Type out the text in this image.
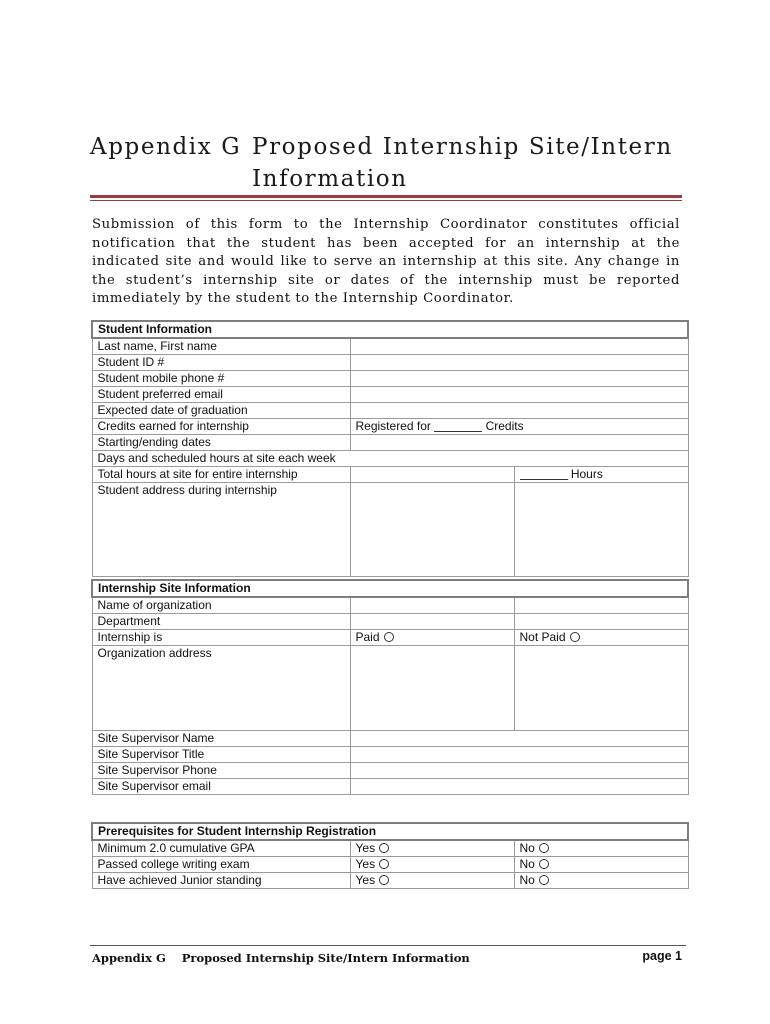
Appendix G Proposed Internship Site/Intern
Information

Submission of this form to the Internship Coordinator constitutes official notification that the student has been accepted for an internship at the indicated site and would like to serve an internship at this site. Any change in the student’s internship site or dates of the internship must be reported immediately by the student to the Internship Coordinator.

Student Information		
Last name, First name		
Student ID #		
Student mobile phone #		
Student preferred email		
Expected date of graduation		
Credits earned for internship	Registered for Credits	
Starting/ending dates		
Days and scheduled hours at site each week		
Total hours at site for entire internship		Hours
Student address during internship		
Internship Site Information		
Name of organization		
Department		
Internship is	Paid	Not Paid
Organization address		
Site Supervisor Name		
Site Supervisor Title		
Site Supervisor Phone		
Site Supervisor email		
Prerequisites for Student Internship Registration		
Minimum 2.0 cumulative GPA	Yes	No
Passed college writing exam	Yes	No
Have achieved Junior standing	Yes	No
Appendix G    Proposed Internship Site/Intern Information	page 1
